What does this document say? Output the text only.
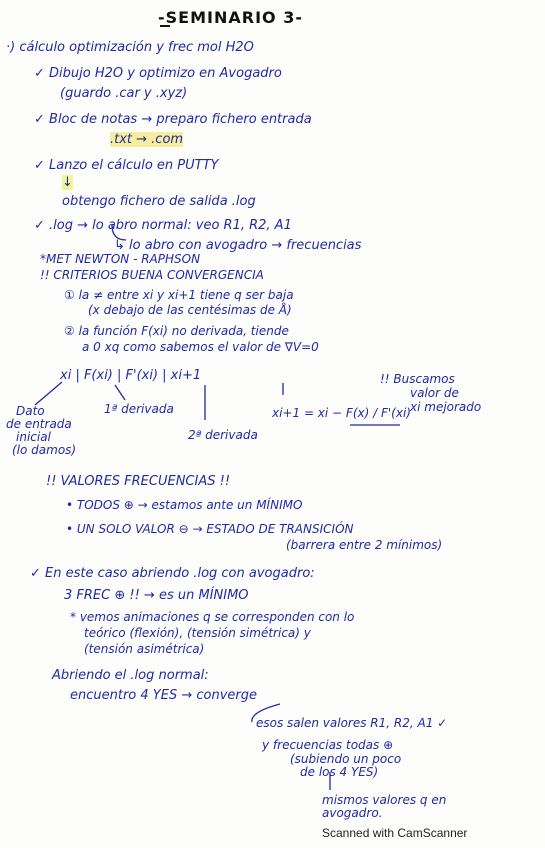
-SEMINARIO 3-
·) cálculo optimización y frec mol H2O
✓ Dibujo H2O y optimizo en Avogadro
(guardo .car y .xyz)
✓ Bloc de notas → preparo fichero entrada
.txt → .com
✓ Lanzo el cálculo en PUTTY
↓
obtengo fichero de salida .log
✓ .log → lo abro normal: veo R1, R2, A1
↳ lo abro con avogadro → frecuencias
*MET NEWTON - RAPHSON
!! CRITERIOS BUENA CONVERGENCIA
① la ≠ entre xi y xi+1 tiene q ser baja
(x debajo de las centésimas de Å)
② la función F(xi) no derivada, tiende
a 0 xq como sabemos el valor de ∇V=0
xi | F(xi) | F'(xi) | xi+1	!! Buscamos
valor de
xi mejorado
Dato
de entrada
inicial
(lo damos)
1ª derivada
2ª derivada
xi+1 = xi − F(x) / F'(xi)
!! VALORES FRECUENCIAS !!
• TODOS ⊕ → estamos ante un MÍNIMO
• UN SOLO VALOR ⊖ → ESTADO DE TRANSICIÓN
(barrera entre 2 mínimos)
✓ En este caso abriendo .log con avogadro:
3 FREC ⊕ !! → es un MÍNIMO
* vemos animaciones q se corresponden con lo
teórico (flexión), (tensión simétrica) y
(tensión asimétrica)
Abriendo el .log normal:
encuentro 4 YES → converge
esos salen valores R1, R2, A1 ✓
y frecuencias todas ⊕
(subiendo un poco
de los 4 YES)
mismos valores q en
avogadro.
Scanned with CamScanner
